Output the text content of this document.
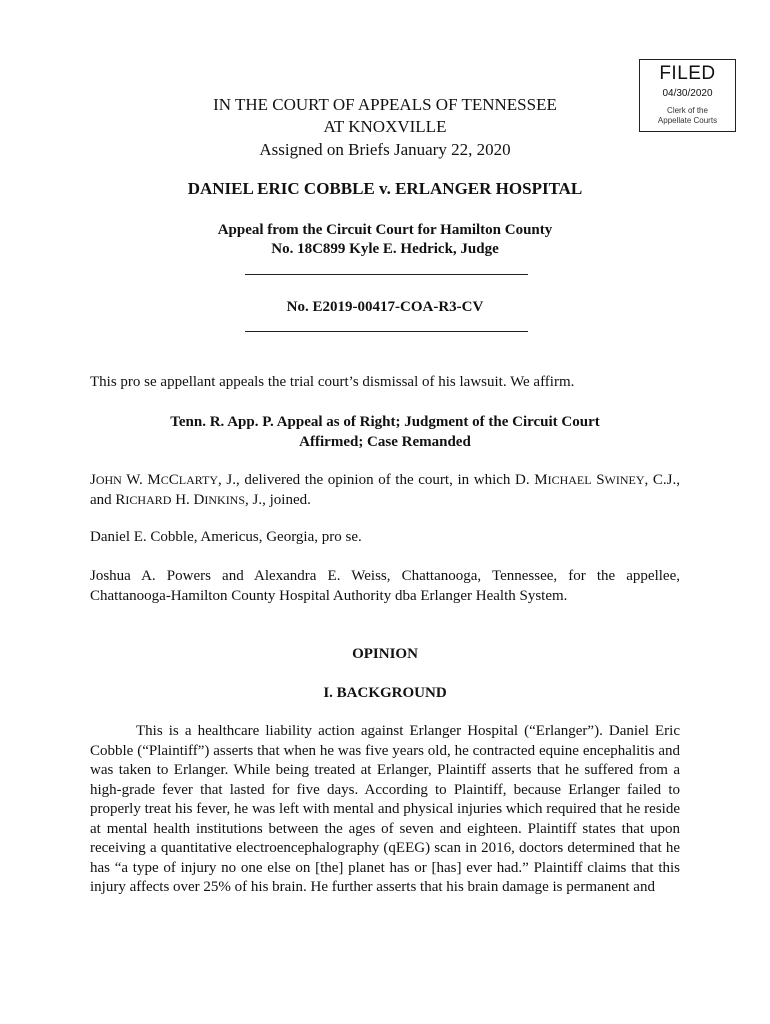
FILED
04/30/2020
Clerk of the
Appellate Courts
IN THE COURT OF APPEALS OF TENNESSEE
AT KNOXVILLE
Assigned on Briefs January 22, 2020
DANIEL ERIC COBBLE v. ERLANGER HOSPITAL
Appeal from the Circuit Court for Hamilton County
No. 18C899 Kyle E. Hedrick, Judge
No. E2019-00417-COA-R3-CV
This pro se appellant appeals the trial court’s dismissal of his lawsuit. We affirm.
Tenn. R. App. P. Appeal as of Right; Judgment of the Circuit Court
Affirmed; Case Remanded
JOHN W. MCCLARTY, J., delivered the opinion of the court, in which D. MICHAEL SWINEY, C.J., and RICHARD H. DINKINS, J., joined.
Daniel E. Cobble, Americus, Georgia, pro se.
Joshua A. Powers and Alexandra E. Weiss, Chattanooga, Tennessee, for the appellee, Chattanooga-Hamilton County Hospital Authority dba Erlanger Health System.
OPINION
I. BACKGROUND
This is a healthcare liability action against Erlanger Hospital (“Erlanger”). Daniel Eric Cobble (“Plaintiff”) asserts that when he was five years old, he contracted equine encephalitis and was taken to Erlanger. While being treated at Erlanger, Plaintiff asserts that he suffered from a high-grade fever that lasted for five days. According to Plaintiff, because Erlanger failed to properly treat his fever, he was left with mental and physical injuries which required that he reside at mental health institutions between the ages of seven and eighteen. Plaintiff states that upon receiving a quantitative electroencephalography (qEEG) scan in 2016, doctors determined that he has “a type of injury no one else on [the] planet has or [has] ever had.” Plaintiff claims that this injury affects over 25% of his brain. He further asserts that his brain damage is permanent and
